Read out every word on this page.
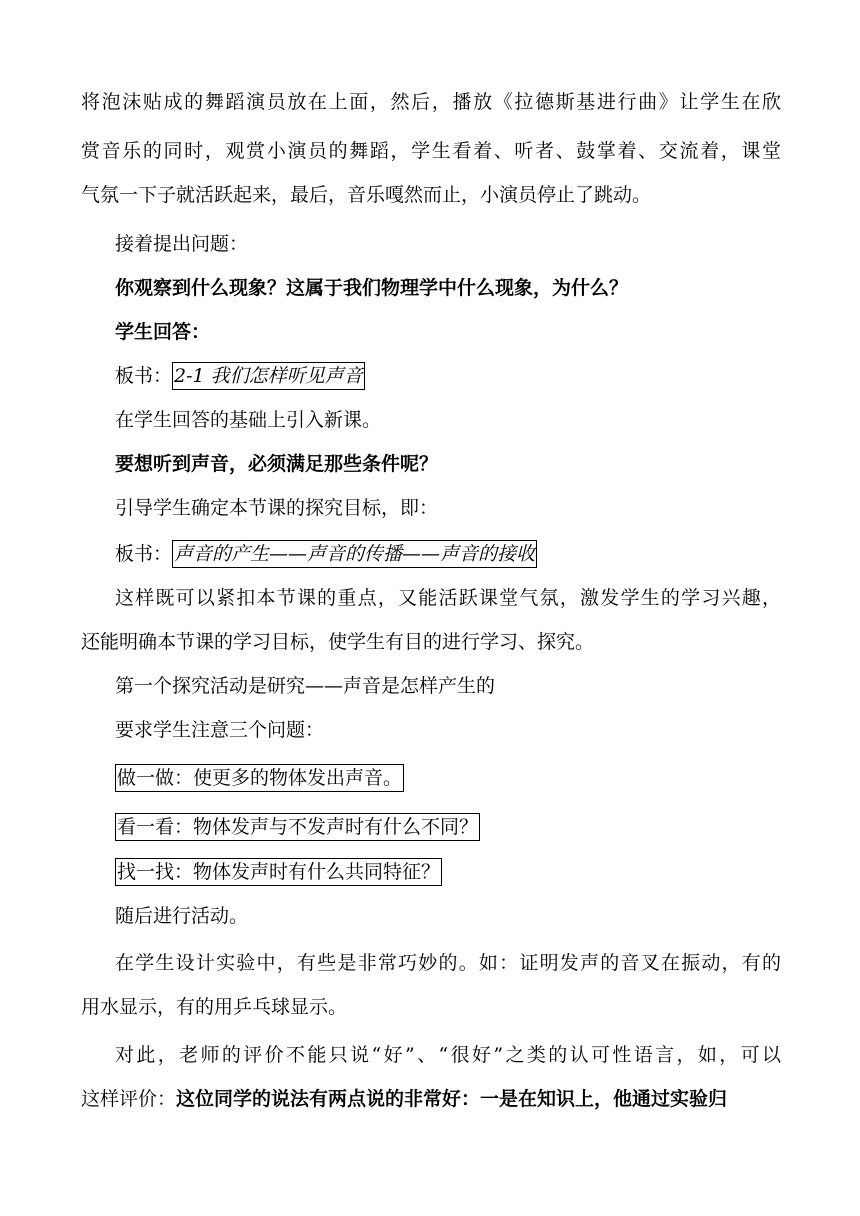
将泡沫贴成的舞蹈演员放在上面，然后，播放《拉德斯基进行曲》让学生在欣
赏音乐的同时，观赏小演员的舞蹈，学生看着、听者、鼓掌着、交流着，课堂
气氛一下子就活跃起来，最后，音乐嘎然而止，小演员停止了跳动。
接着提出问题：
你观察到什么现象？这属于我们物理学中什么现象，为什么？
学生回答：
板书： 2-1 我们怎样听见声音
在学生回答的基础上引入新课。
要想听到声音，必须满足那些条件呢？
引导学生确定本节课的探究目标，即：
板书： 声音的产生——声音的传播——声音的接收
这样既可以紧扣本节课的重点，又能活跃课堂气氛，激发学生的学习兴趣，
还能明确本节课的学习目标，使学生有目的进行学习、探究。
第一个探究活动是研究——声音是怎样产生的
要求学生注意三个问题：
做一做：使更多的物体发出声音。
看一看：物体发声与不发声时有什么不同？
找一找：物体发声时有什么共同特征？
随后进行活动。
在学生设计实验中，有些是非常巧妙的。如：证明发声的音叉在振动，有的
用水显示，有的用乒乓球显示。
对此，老师的评价不能只说“好”、“很好”之类的认可性语言，如，可以
这样评价：这位同学的说法有两点说的非常好：一是在知识上，他通过实验归
